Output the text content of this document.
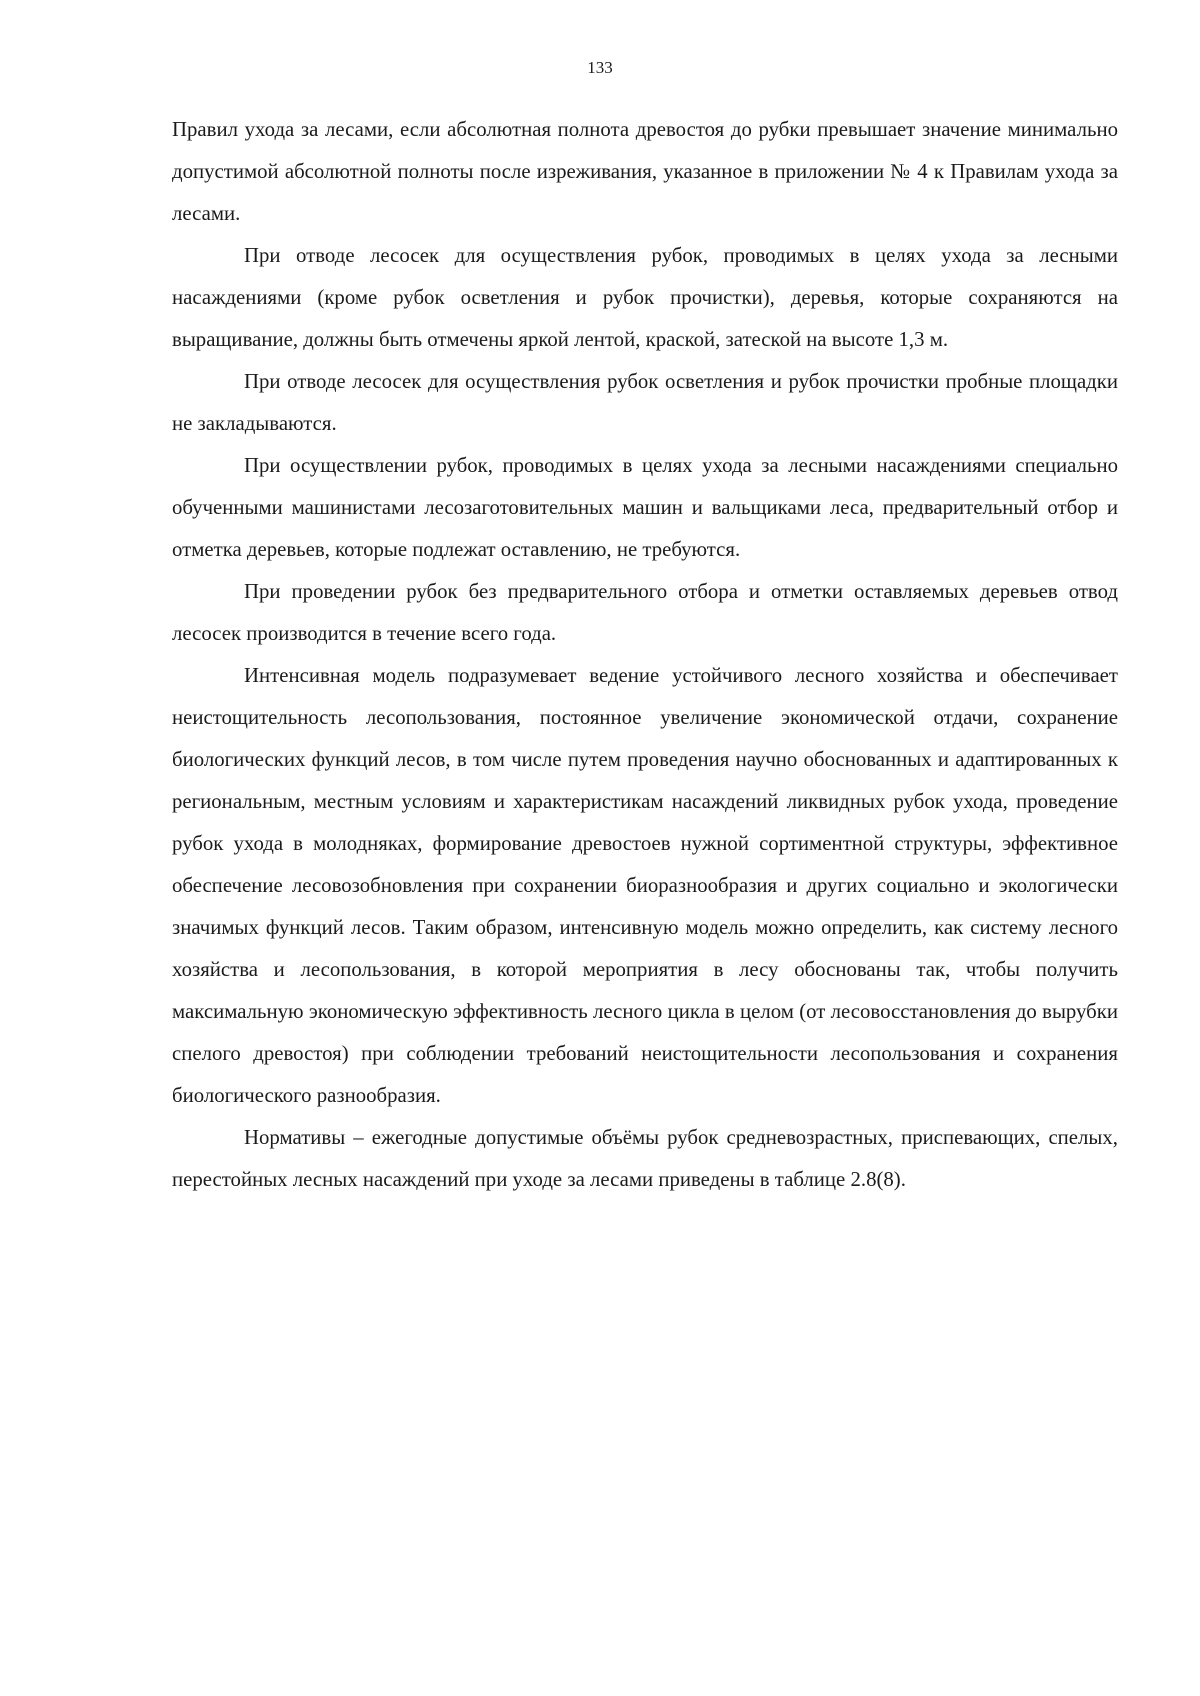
133

Правил ухода за лесами, если абсолютная полнота древостоя до рубки превышает значение минимально допустимой абсолютной полноты после изреживания, указанное в приложении № 4 к Правилам ухода за лесами.

При отводе лесосек для осуществления рубок, проводимых в целях ухода за лесными насаждениями (кроме рубок осветления и рубок прочистки), деревья, которые сохраняются на выращивание, должны быть отмечены яркой лентой, краской, затеской на высоте 1,3 м.

При отводе лесосек для осуществления рубок осветления и рубок прочистки пробные площадки не закладываются.

При осуществлении рубок, проводимых в целях ухода за лесными насаждениями специально обученными машинистами лесозаготовительных машин и вальщиками леса, предварительный отбор и отметка деревьев, которые подлежат оставлению, не требуются.

При проведении рубок без предварительного отбора и отметки оставляемых деревьев отвод лесосек производится в течение всего года.

Интенсивная модель подразумевает ведение устойчивого лесного хозяйства и обеспечивает неистощительность лесопользования, постоянное увеличение экономической отдачи, сохранение биологических функций лесов, в том числе путем проведения научно обоснованных и адаптированных к региональным, местным условиям и характеристикам насаждений ликвидных рубок ухода, проведение рубок ухода в молодняках, формирование древостоев нужной сортиментной структуры, эффективное обеспечение лесовозобновления при сохранении биоразнообразия и других социально и экологически значимых функций лесов. Таким образом, интенсивную модель можно определить, как систему лесного хозяйства и лесопользования, в которой мероприятия в лесу обоснованы так, чтобы получить максимальную экономическую эффективность лесного цикла в целом (от лесовосстановления до вырубки спелого древостоя) при соблюдении требований неистощительности лесопользования и сохранения биологического разнообразия.

Нормативы – ежегодные допустимые объёмы рубок средневозрастных, приспевающих, спелых, перестойных лесных насаждений при уходе за лесами приведены в таблице 2.8(8).
